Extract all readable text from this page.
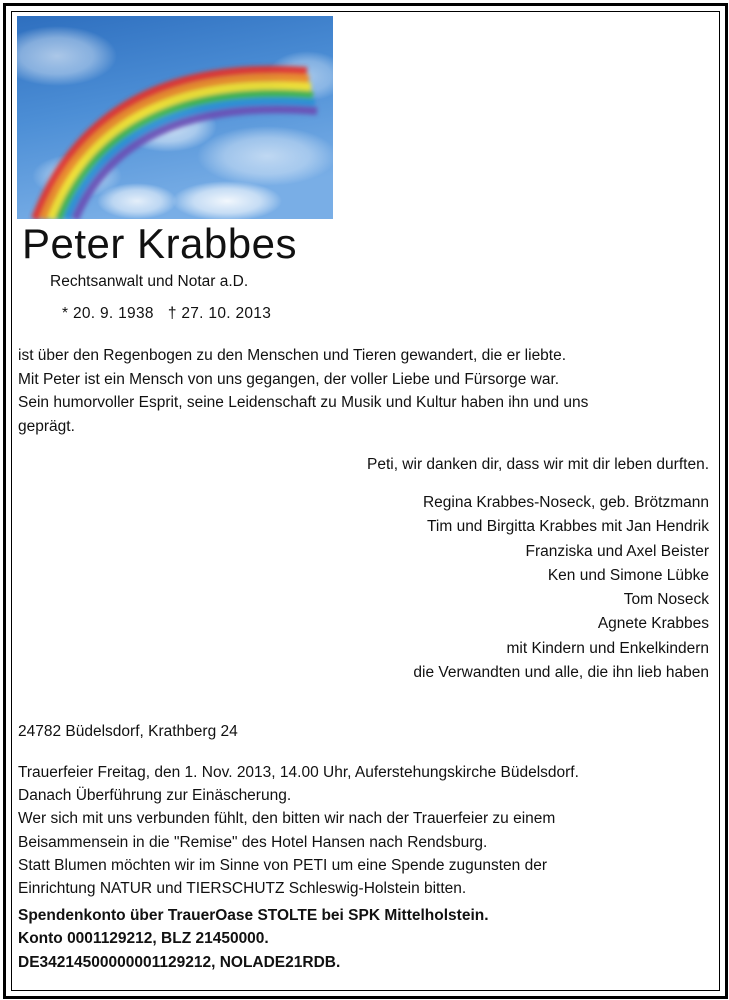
Peter Krabbes
Rechtsanwalt und Notar a.D.
* 20. 9. 1938 † 27. 10. 2013
ist über den Regenbogen zu den Menschen und Tieren gewandert, die er liebte.
Mit Peter ist ein Mensch von uns gegangen, der voller Liebe und Fürsorge war.
Sein humorvoller Esprit, seine Leidenschaft zu Musik und Kultur haben ihn und uns
geprägt.
Peti, wir danken dir, dass wir mit dir leben durften.
Regina Krabbes-Noseck, geb. Brötzmann
Tim und Birgitta Krabbes mit Jan Hendrik
Franziska und Axel Beister
Ken und Simone Lübke
Tom Noseck
Agnete Krabbes
mit Kindern und Enkelkindern
die Verwandten und alle, die ihn lieb haben
24782 Büdelsdorf, Krathberg 24
Trauerfeier Freitag, den 1. Nov. 2013, 14.00 Uhr, Auferstehungskirche Büdelsdorf.
Danach Überführung zur Einäscherung.
Wer sich mit uns verbunden fühlt, den bitten wir nach der Trauerfeier zu einem
Beisammensein in die "Remise" des Hotel Hansen nach Rendsburg.
Statt Blumen möchten wir im Sinne von PETI um eine Spende zugunsten der
Einrichtung NATUR und TIERSCHUTZ Schleswig-Holstein bitten.
Spendenkonto über TrauerOase STOLTE bei SPK Mittelholstein.
Konto 0001129212, BLZ 21450000.
DE34214500000001129212, NOLADE21RDB.
